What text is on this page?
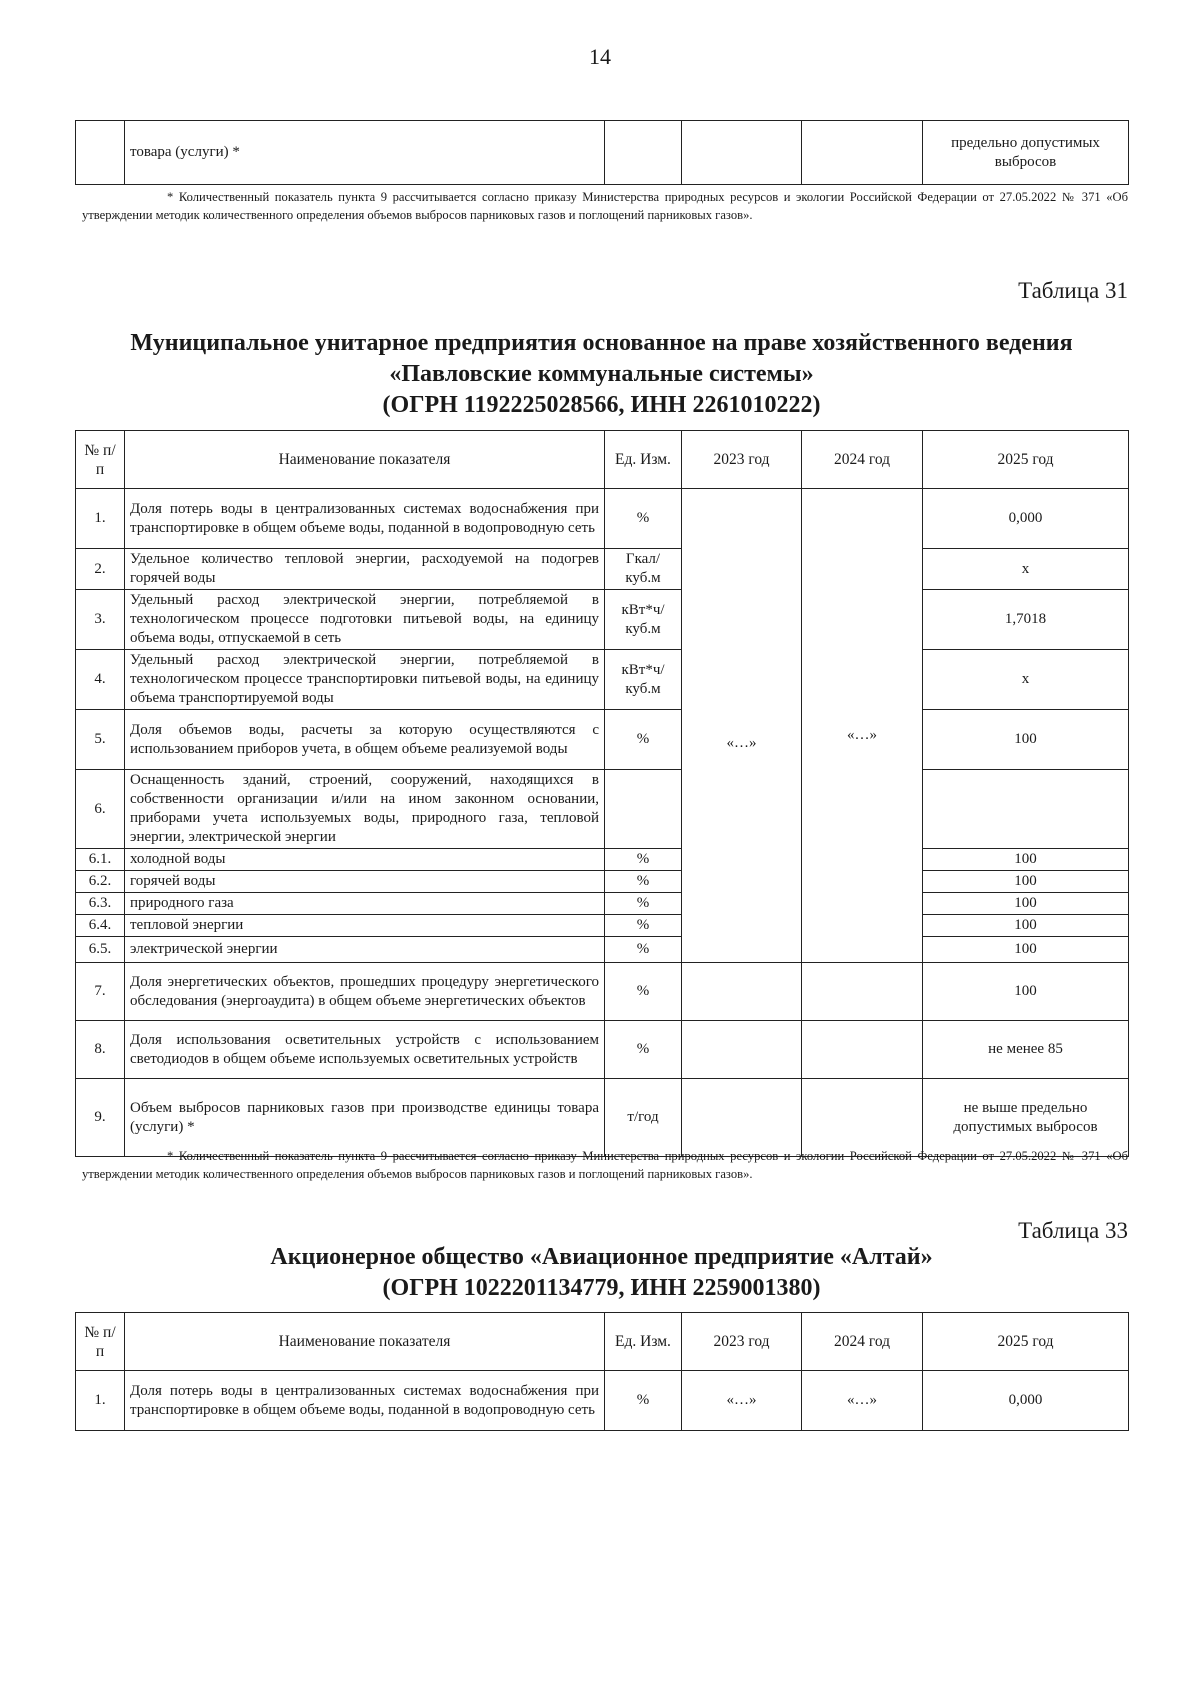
14
	товара (услуги) *				предельно допустимых выбросов
* Количественный показатель пункта 9 рассчитывается согласно приказу Министерства природных ресурсов и экологии Российской Федерации от 27.05.2022 № 371 «Об утверждении методик количественного определения объемов выбросов парниковых газов и поглощений парниковых газов».
Таблица 31
Муниципальное унитарное предприятия основанное на праве хозяйственного ведения
«Павловские коммунальные системы»
(ОГРН 1192225028566, ИНН 2261010222)
№ п/п	Наименование показателя	Ед. Изм.	2023 год	2024 год	2025 год
1.	Доля потерь воды в централизованных системах водоснабжения при транспортировке в общем объеме воды, поданной в водопроводную сеть	%	«…»	«…»	0,000
2.	Удельное количество тепловой энергии, расходуемой на подогрев горячей воды	Гкал/ куб.м			х
3.	Удельный расход электрической энергии, потребляемой в технологическом процессе подготовки питьевой воды, на единицу объема воды, отпускаемой в сеть	кВт*ч/ куб.м			1,7018
4.	Удельный расход электрической энергии, потребляемой в технологическом процессе транспортировки питьевой воды, на единицу объема транспортируемой воды	кВт*ч/ куб.м			х
5.	Доля объемов воды, расчеты за которую осуществляются с использованием приборов учета, в общем объеме реализуемой воды	%			100
6.	Оснащенность зданий, строений, сооружений, находящихся в собственности организации и/или на ином законном основании, приборами учета используемых воды, природного газа, тепловой энергии, электрической энергии				
6.1.	холодной воды	%			100
6.2.	горячей воды	%			100
6.3.	природного газа	%			100
6.4.	тепловой энергии	%			100
6.5.	электрической энергии	%			100
7.	Доля энергетических объектов, прошедших процедуру энергетического обследования (энергоаудита) в общем объеме энергетических объектов	%			100
8.	Доля использования осветительных устройств с использованием светодиодов в общем объеме используемых осветительных устройств	%			не менее 85
9.	Объем выбросов парниковых газов при производстве единицы товара (услуги) *	т/год			не выше предельно допустимых выбросов
* Количественный показатель пункта 9 рассчитывается согласно приказу Министерства природных ресурсов и экологии Российской Федерации от 27.05.2022 № 371 «Об утверждении методик количественного определения объемов выбросов парниковых газов и поглощений парниковых газов».
Таблица 33
Акционерное общество «Авиационное предприятие «Алтай»
(ОГРН 1022201134779, ИНН 2259001380)
№ п/п	Наименование показателя	Ед. Изм.	2023 год	2024 год	2025 год
1.	Доля потерь воды в централизованных системах водоснабжения при транспортировке в общем объеме воды, поданной в водопроводную сеть	%	«…»	«…»	0,000
